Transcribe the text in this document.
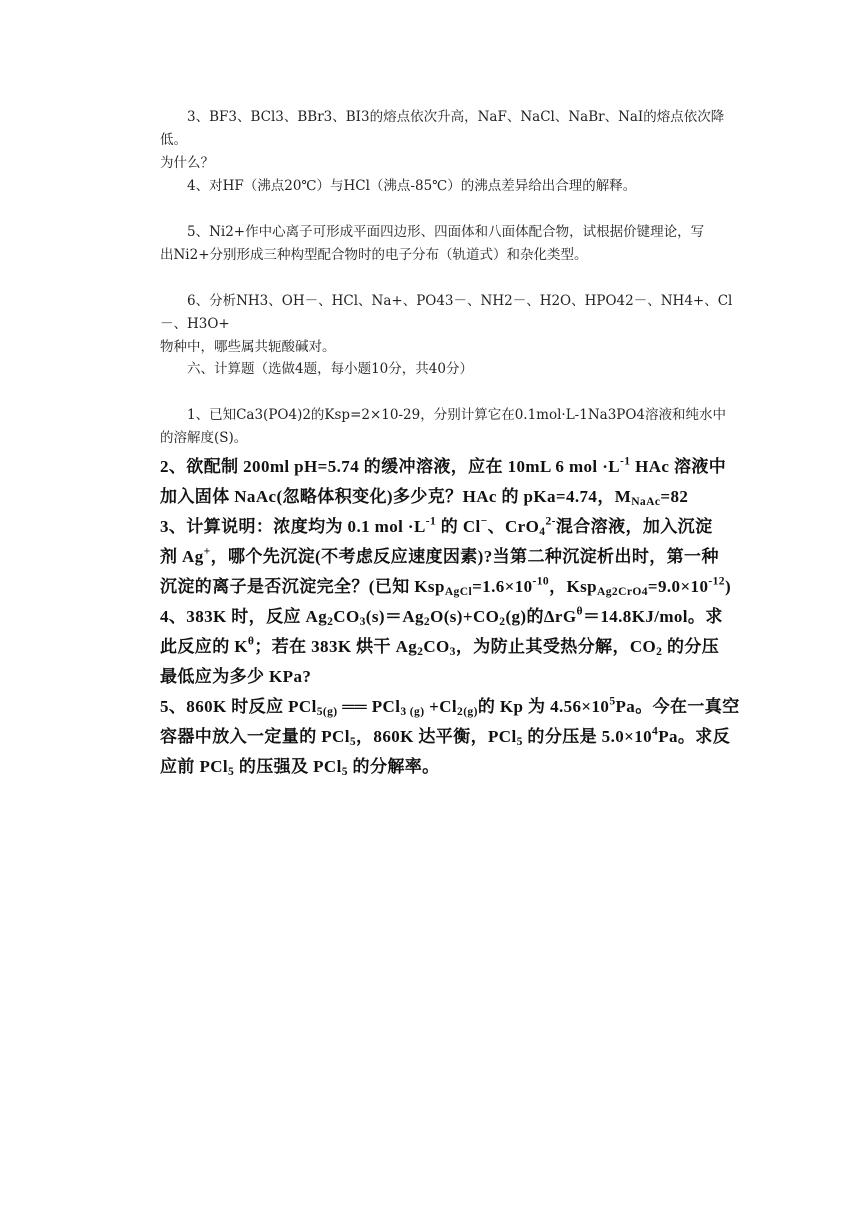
3、BF3、BCl3、BBr3、BI3的熔点依次升高，NaF、NaCl、NaBr、NaI的熔点依次降低。
为什么？
4、对HF（沸点20℃）与HCl（沸点-85℃）的沸点差异给出合理的解释。
5、Ni2+作中心离子可形成平面四边形、四面体和八面体配合物，试根据价键理论，写
出Ni2+分别形成三种构型配合物时的电子分布（轨道式）和杂化类型。
6、分析NH3、OH－、HCl、Na+、PO43－、NH2－、H2O、HPO42－、NH4+、Cl－、H3O+
物种中，哪些属共轭酸碱对。
六、计算题（选做4题，每小题10分，共40分）
1、已知Ca3(PO4)2的Ksp=2×10-29，分别计算它在0.1mol·L-1Na3PO4溶液和纯水中
的溶解度(S)。
2、欲配制 200ml pH=5.74 的缓冲溶液，应在 10mL 6 mol $\cdot L^{-1}$ HAc 溶液中
加入固体 NaAc(忽略体积变化)多少克？HAc 的 pKa=4.74，$M_{NaAc}=82$
3、计算说明：浓度均为 0.1 mol $\cdot L^{-1}$ 的 Cl−、CrO$_4^{2-}$混合溶液，加入沉淀
剂 Ag+，哪个先沉淀(不考虑反应速度因素)?当第二种沉淀析出时，第一种
沉淀的离子是否沉淀完全？(已知 $Ksp_{AgCl}=1.6\times 10^{-10}$，$Ksp_{Ag2CrO4}=9.0\times 10^{-12}$)
4、383K 时，反应 $Ag_2CO_3(s)=Ag_2O(s)+CO_2(g)$的ΔrG$^\theta$＝14.8KJ/mol。求
此反应的 $K^\theta$；若在 383K 烘干 $Ag_2CO_3$，为防止其受热分解，$CO_2$ 的分压
最低应为多少 KPa?
5、860K 时反应 PCl$_{5(g)}$ ══ $PCl_{3 (g)} +Cl_{2(g)}$的 Kp 为 $4.56\times 10^5Pa$。今在一真空
容器中放入一定量的 PCl$_5$，860K 达平衡，PCl$_5$ 的分压是 $5.0\times 10^4Pa$。求反
应前 PCl$_5$ 的压强及 PCl$_5$ 的分解率。
